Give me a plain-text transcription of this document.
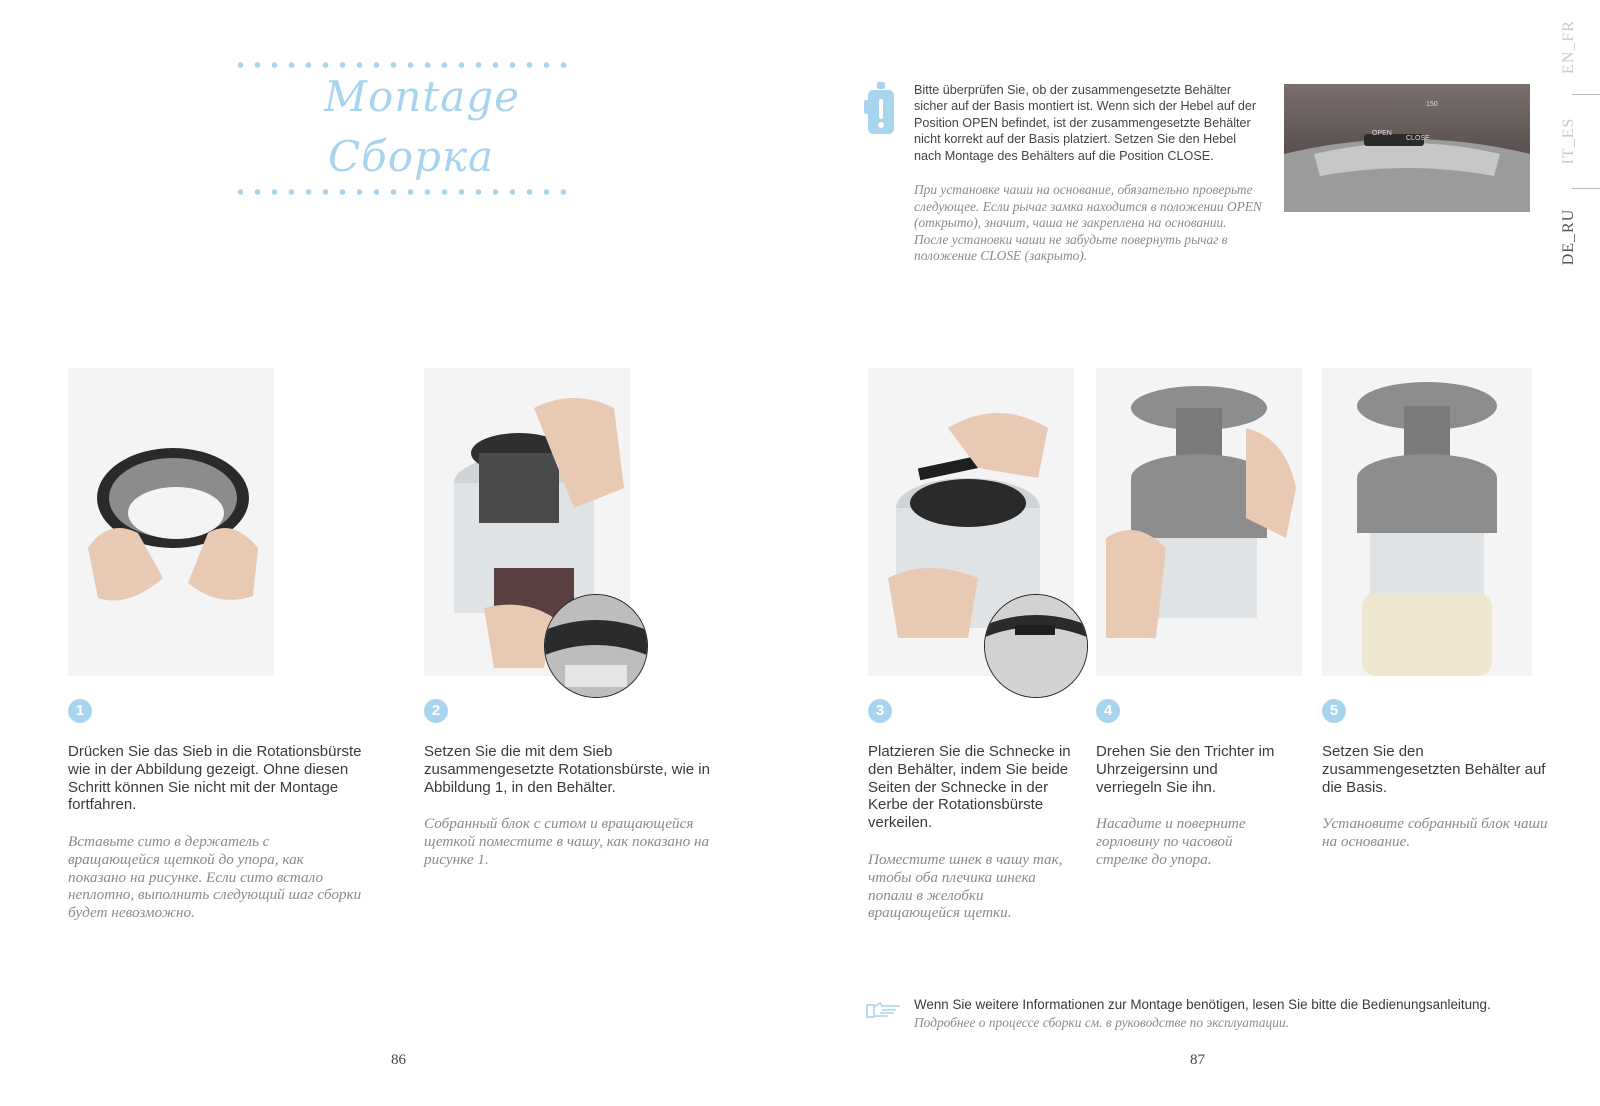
Montage
Сборка
EN_FR
IT_ES
DE_RU
Bitte überprüfen Sie, ob der zusammengesetzte Behälter sicher auf der Basis montiert ist. Wenn sich der Hebel auf der Position OPEN befindet, ist der zusammengesetzte Behälter nicht korrekt auf der Basis platziert. Setzen Sie den Hebel nach Montage des Behälters auf die Position CLOSE.
При установке чаши на основание, обязательно проверьте следующее. Если рычаг замка находится в положении OPEN (открыто), значит, чаша не закреплена на основании. После установки чаши не забудьте повернуть рычаг в положение CLOSE (закрыто).
OPEN
CLOSE
150
1
Drücken Sie das Sieb in die Rotationsbürste wie in der Abbildung gezeigt. Ohne diesen Schritt können Sie nicht mit der Montage fortfahren.
Вставьте сито в держатель с вращающейся щеткой до упора, как показано на рисунке. Если сито встало неплотно, выполнить следующий шаг сборки будет невозможно.
2
Setzen Sie die mit dem Sieb zusammengesetzte Rotationsbürste, wie in Abbildung 1, in den Behälter.
Собранный блок с ситом и вращающейся щеткой поместите в чашу, как показано на рисунке 1.
3
Platzieren Sie die Schnecke in den Behälter, indem Sie beide Seiten der Schnecke in der Kerbe der Rotationsbürste verkeilen.
Поместите шнек в чашу так, чтобы оба плечика шнека попали в желобки вращающейся щетки.
4
Drehen Sie den Trichter im Uhrzeigersinn und verriegeln Sie ihn.
Насадите и поверните горловину по часовой стрелке до упора.
5
Setzen Sie den zusammengesetzten Behälter auf die Basis.
Установите собранный блок чаши на основание.
Wenn Sie weitere Informationen zur Montage benötigen, lesen Sie bitte die Bedienungsanleitung.
Подробнее о процессе сборки см. в руководстве по эксплуатации.
86	87
